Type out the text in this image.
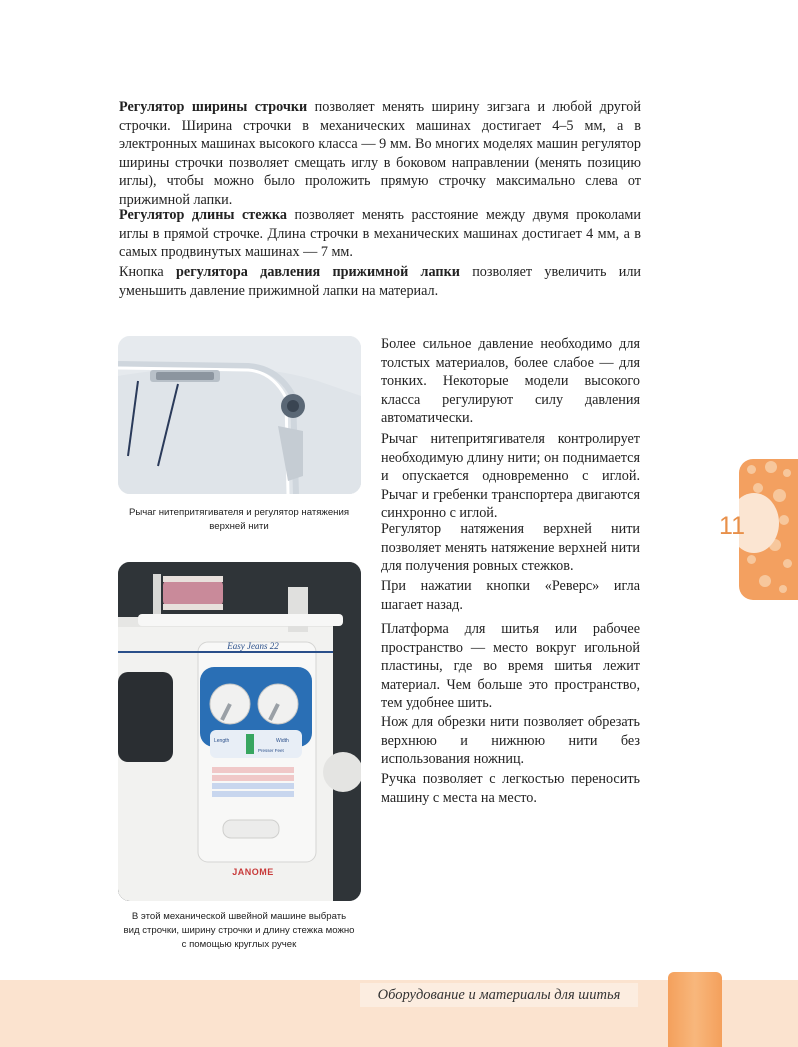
Регулятор ширины строчки позволяет менять ширину зигзага и любой другой строчки. Ширина строчки в механических машинах достигает 4–5 мм, а в электронных машинах высокого класса — 9 мм. Во многих моделях машин регулятор ширины строчки позволяет смещать иглу в боковом направлении (менять позицию иглы), чтобы можно было проложить прямую строчку максимально слева от прижимной лапки.

Регулятор длины стежка позволяет менять расстояние между двумя проколами иглы в прямой строчке. Длина строчки в механических машинах достигает 4 мм, а в самых продвинутых машинах — 7 мм.

Кнопка регулятора давления прижимной лапки позволяет увеличить или уменьшить давление прижимной лапки на материал.

Рычаг нитепритягивателя и регулятор натяжения
верхней нити
Easy Jeans 22
Length	Width
Presser Feet
JANOME
В этой механической швейной машине выбрать
вид строчки, ширину строчки и длину стежка можно
с помощью круглых ручек

Более сильное давление необходимо для толстых материалов, более слабое — для тонких. Некоторые модели высокого класса регулируют силу давления автоматически.

Рычаг нитепритягивателя контролирует необходимую длину нити; он поднимается и опускается одновременно с иглой. Рычаг и гребенки транспортера двигаются синхронно с иглой.

Регулятор натяжения верхней нити позволяет менять натяжение верхней нити для получения ровных стежков.

При нажатии кнопки «Реверс» игла шагает назад.

Платформа для шитья или рабочее пространство — место вокруг игольной пластины, где во время шитья лежит материал. Чем больше это пространство, тем удобнее шить.

Нож для обрезки нити позволяет обрезать верхнюю и нижнюю нити без использования ножниц.

Ручка позволяет с легкостью переносить машину с места на место.

11
Оборудование и материалы для шитья
